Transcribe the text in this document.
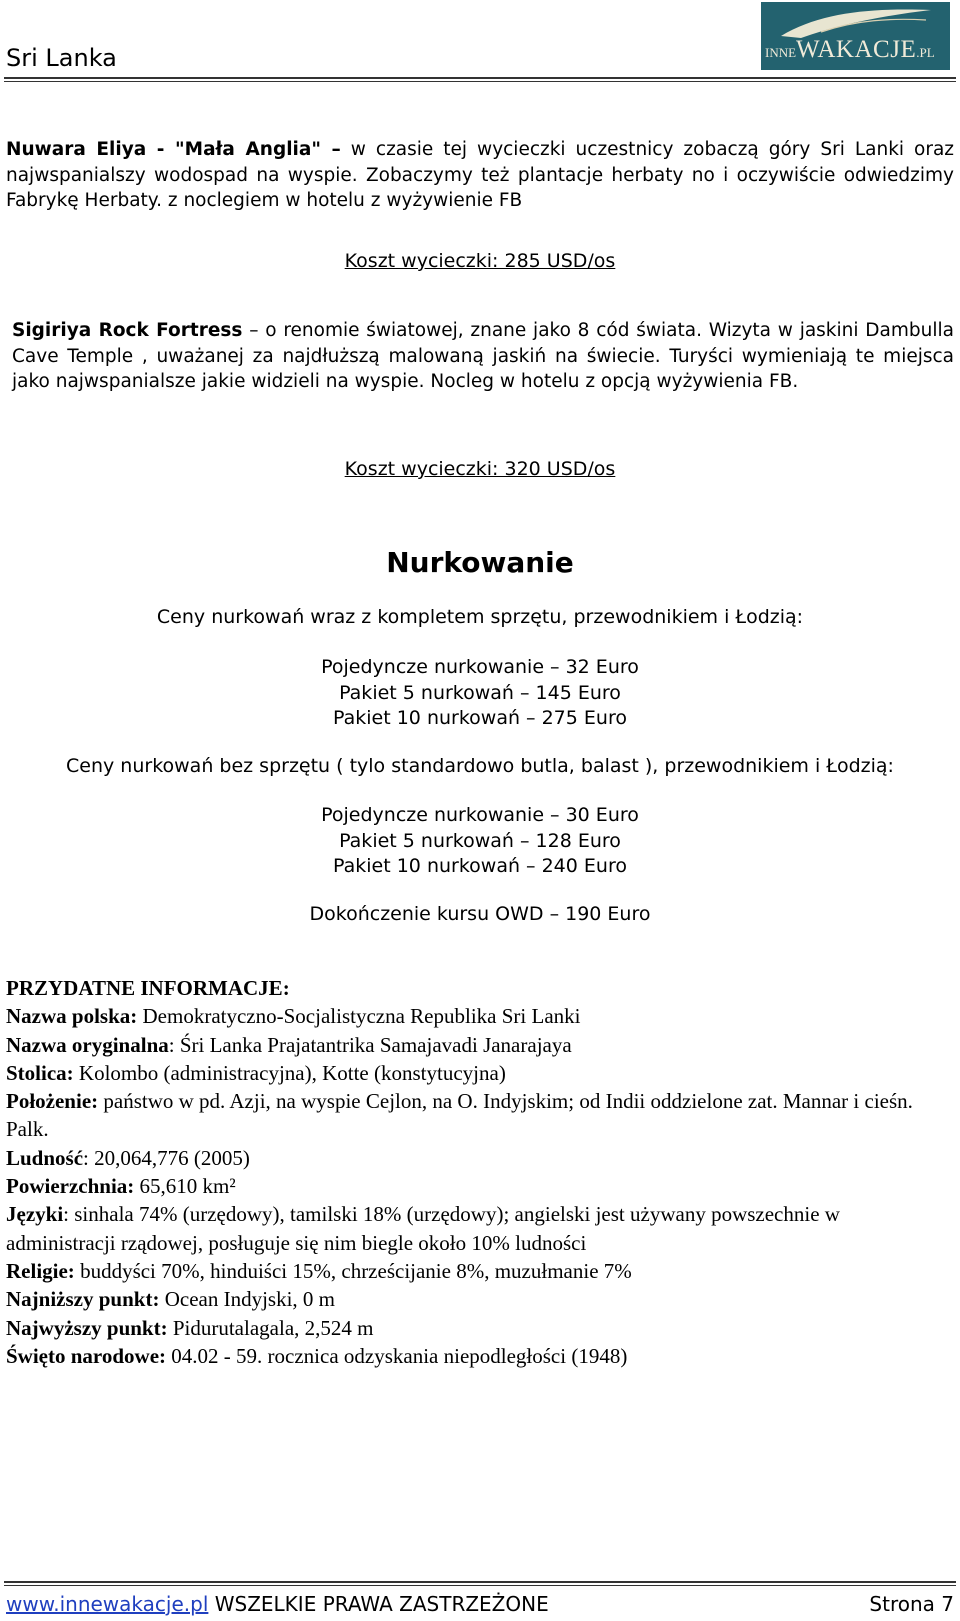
Sri Lanka	INNEWAKACJE.PL
Nuwara Eliya - "Mała Anglia" – w czasie tej wycieczki uczestnicy zobaczą góry Sri Lanki oraz najwspanialszy wodospad na wyspie. Zobaczymy też plantacje herbaty no i oczywiście odwiedzimy Fabrykę Herbaty. z noclegiem w hotelu z wyżywienie FB
Koszt wycieczki: 285 USD/os
Sigiriya Rock Fortress – o renomie światowej, znane jako 8 cód świata. Wizyta w jaskini Dambulla Cave Temple , uważanej za najdłuższą malowaną jaskiń na świecie. Turyści wymieniają te miejsca jako najwspanialsze jakie widzieli na wyspie. Nocleg w hotelu z opcją wyżywienia FB.
Koszt wycieczki: 320 USD/os
Nurkowanie
Ceny nurkowań wraz z kompletem sprzętu, przewodnikiem i Łodzią:
Pojedyncze nurkowanie – 32 Euro
Pakiet 5 nurkowań – 145 Euro
Pakiet 10 nurkowań – 275 Euro
Ceny nurkowań bez sprzętu ( tylo standardowo butla, balast ), przewodnikiem i Łodzią:
Pojedyncze nurkowanie – 30 Euro
Pakiet 5 nurkowań – 128 Euro
Pakiet 10 nurkowań – 240 Euro
Dokończenie kursu OWD – 190 Euro
PRZYDATNE INFORMACJE:
Nazwa polska: Demokratyczno-Socjalistyczna Republika Sri Lanki
Nazwa oryginalna: Śri Lanka Prajatantrika Samajavadi Janarajaya
Stolica: Kolombo (administracyjna), Kotte (konstytucyjna)
Położenie: państwo w pd. Azji, na wyspie Cejlon, na O. Indyjskim; od Indii oddzielone zat. Mannar i cieśn. Palk.
Ludność: 20,064,776 (2005)
Powierzchnia: 65,610 km²
Języki: sinhala 74% (urzędowy), tamilski 18% (urzędowy); angielski jest używany powszechnie w administracji rządowej, posługuje się nim biegle około 10% ludności
Religie: buddyści 70%, hinduiści 15%, chrześcijanie 8%, muzułmanie 7%
Najniższy punkt: Ocean Indyjski, 0 m
Najwyższy punkt: Pidurutalagala, 2,524 m
Święto narodowe: 04.02 - 59. rocznica odzyskania niepodległości (1948)
www.innewakacje.pl WSZELKIE PRAWA ZASTRZEŻONE	Strona 7
